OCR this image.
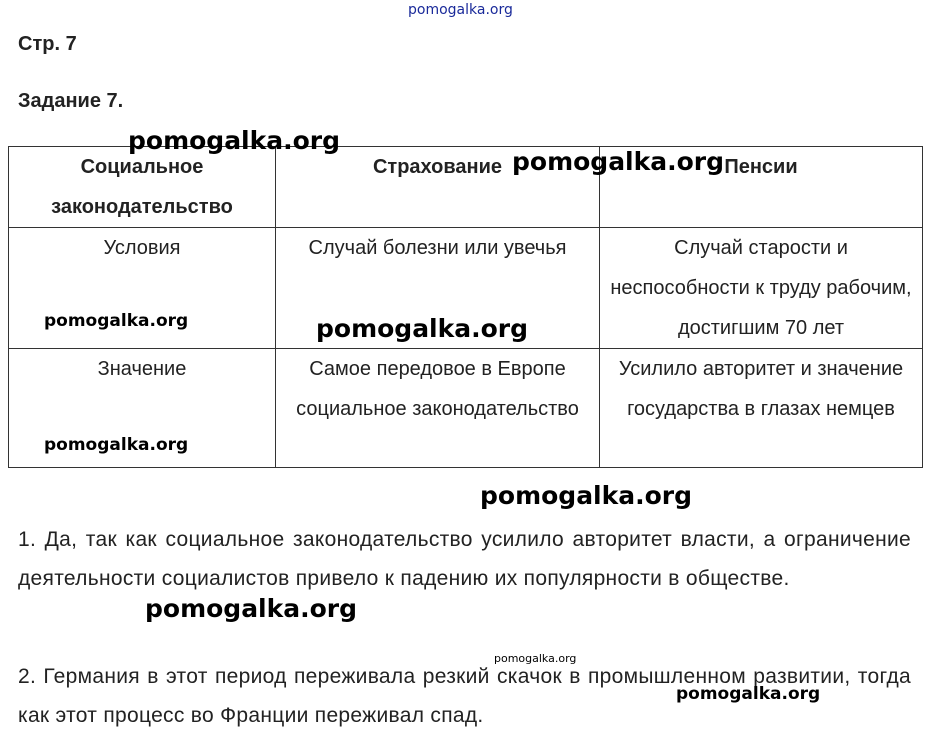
pomogalka.org
Стр. 7
Задание 7.
Социальное законодательство	Страхование	Пенсии
Условия	Случай болезни или увечья	Случай старости и неспособности к труду рабочим, достигшим 70 лет
Значение	Самое передовое в Европе социальное законодательство	Усилило авторитет и значение государства в глазах немцев
1. Да, так как социальное законодательство усилило авторитет власти, а ограничение деятельности социалистов привело к падению их популярности в обществе.
2. Германия в этот период переживала резкий скачок в промышленном развитии, тогда как этот процесс во Франции переживал спад.
pomogalka.org
pomogalka.org
pomogalka.org	pomogalka.org
pomogalka.org
pomogalka.org
pomogalka.org
pomogalka.org
pomogalka.org
